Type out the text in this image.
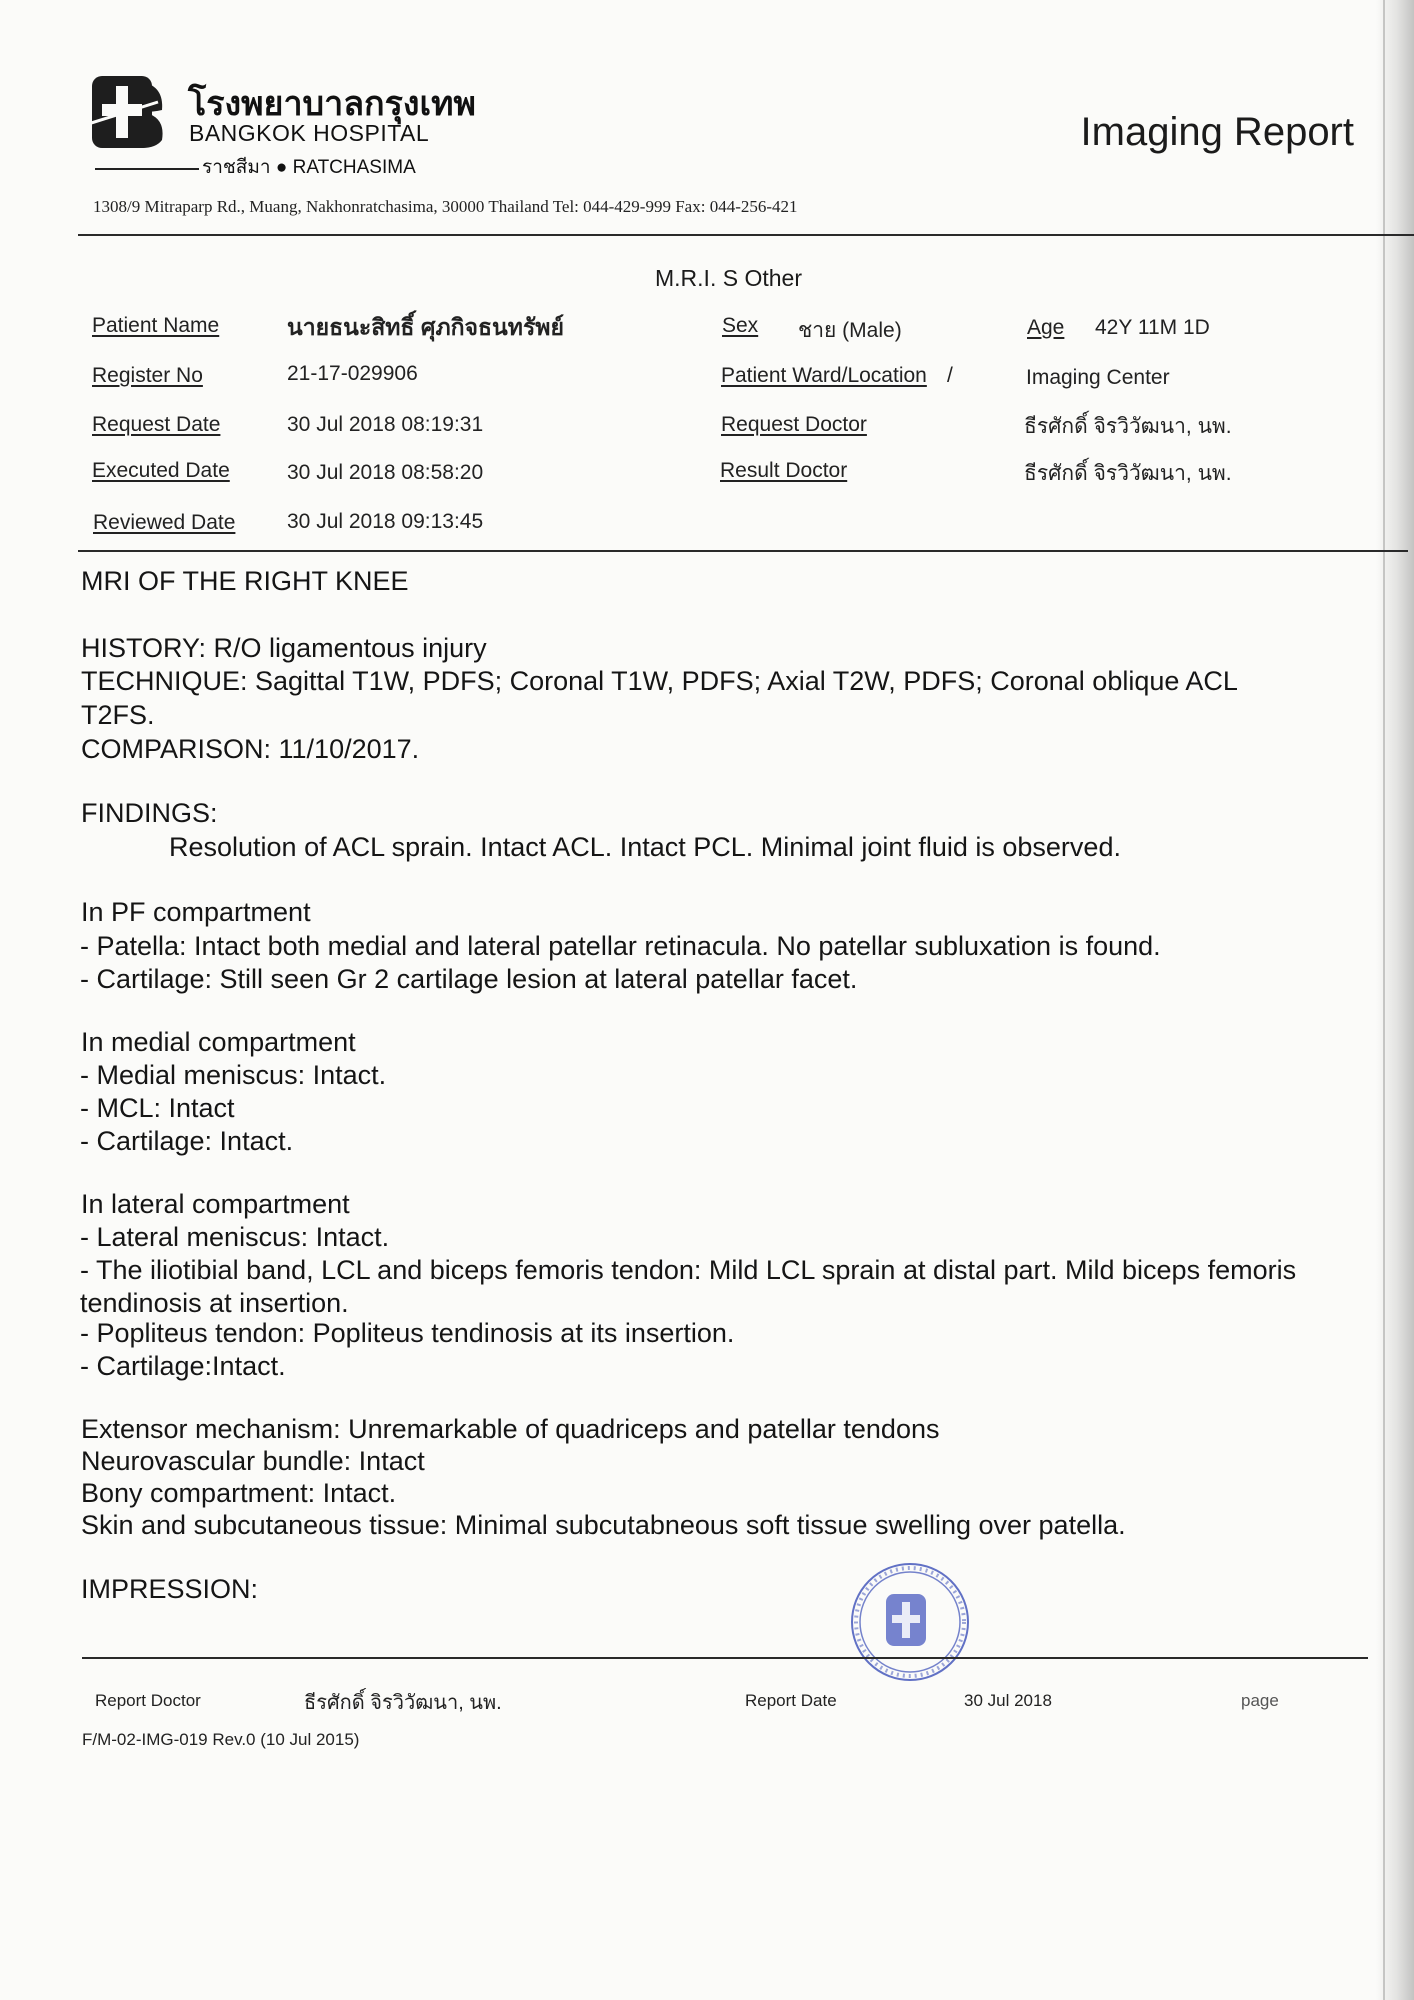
โรงพยาบาลกรุงเทพ
BANGKOK HOSPITAL
ราชสีมา ● RATCHASIMA
Imaging Report
1308/9 Mitraparp Rd., Muang, Nakhonratchasima, 30000 Thailand Tel: 044-429-999 Fax: 044-256-421
M.R.I. S Other
Patient Name	นายธนะสิทธิ์ ศุภกิจธนทรัพย์	Sex ชาย (Male)	Age 42Y 11M 1D
Register No	21-17-029906	Patient Ward/Location /	Imaging Center
Request Date	30 Jul 2018 08:19:31	Request Doctor	ธีรศักดิ์ จิรวิวัฒนา, นพ.
Executed Date	30 Jul 2018 08:58:20	Result Doctor	ธีรศักดิ์ จิรวิวัฒนา, นพ.
Reviewed Date 30 Jul 2018 09:13:45
MRI OF THE RIGHT KNEE
HISTORY: R/O ligamentous injury
TECHNIQUE: Sagittal T1W, PDFS; Coronal T1W, PDFS; Axial T2W, PDFS; Coronal oblique ACL
T2FS.
COMPARISON: 11/10/2017.
FINDINGS:
Resolution of ACL sprain. Intact ACL. Intact PCL. Minimal joint fluid is observed.
In PF compartment
- Patella: Intact both medial and lateral patellar retinacula. No patellar subluxation is found.
- Cartilage: Still seen Gr 2 cartilage lesion at lateral patellar facet.
In medial compartment
- Medial meniscus: Intact.
- MCL: Intact
- Cartilage: Intact.
In lateral compartment
- Lateral meniscus: Intact.
- The iliotibial band, LCL and biceps femoris tendon: Mild LCL sprain at distal part. Mild biceps femoris
tendinosis at insertion.
- Popliteus tendon: Popliteus tendinosis at its insertion.
- Cartilage:Intact.
Extensor mechanism: Unremarkable of quadriceps and patellar tendons
Neurovascular bundle: Intact
Bony compartment: Intact.
Skin and subcutaneous tissue: Minimal subcutabneous soft tissue swelling over patella.
IMPRESSION:
Report Doctor	ธีรศักดิ์ จิรวิวัฒนา, นพ.	Report Date	30 Jul 2018	page
F/M-02-IMG-019 Rev.0 (10 Jul 2015)
